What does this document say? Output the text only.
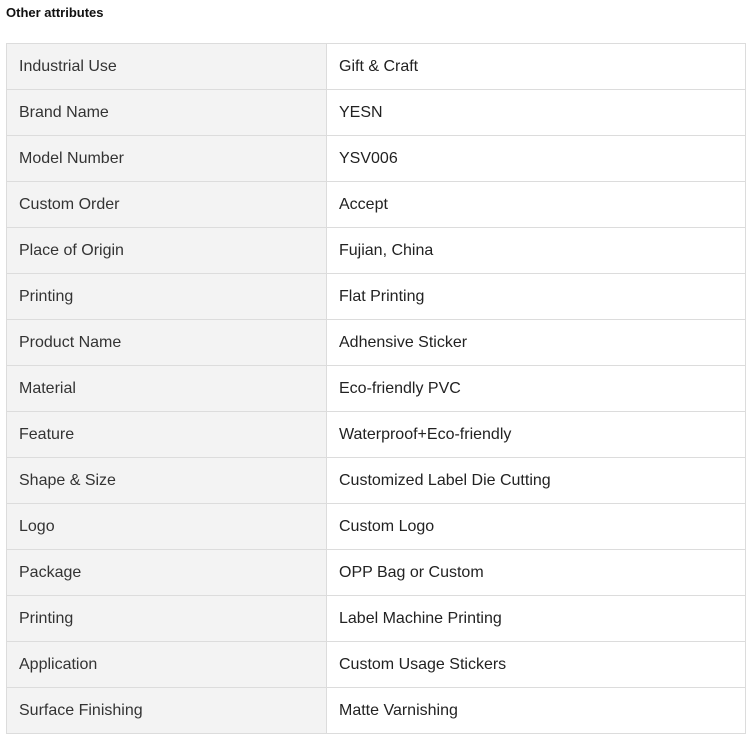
Other attributes
Industrial Use	Gift & Craft
Brand Name	YESN
Model Number	YSV006
Custom Order	Accept
Place of Origin	Fujian, China
Printing	Flat Printing
Product Name	Adhensive Sticker
Material	Eco-friendly PVC
Feature	Waterproof+Eco-friendly
Shape & Size	Customized Label Die Cutting
Logo	Custom Logo
Package	OPP Bag or Custom
Printing	Label Machine Printing
Application	Custom Usage Stickers
Surface Finishing	Matte Varnishing
